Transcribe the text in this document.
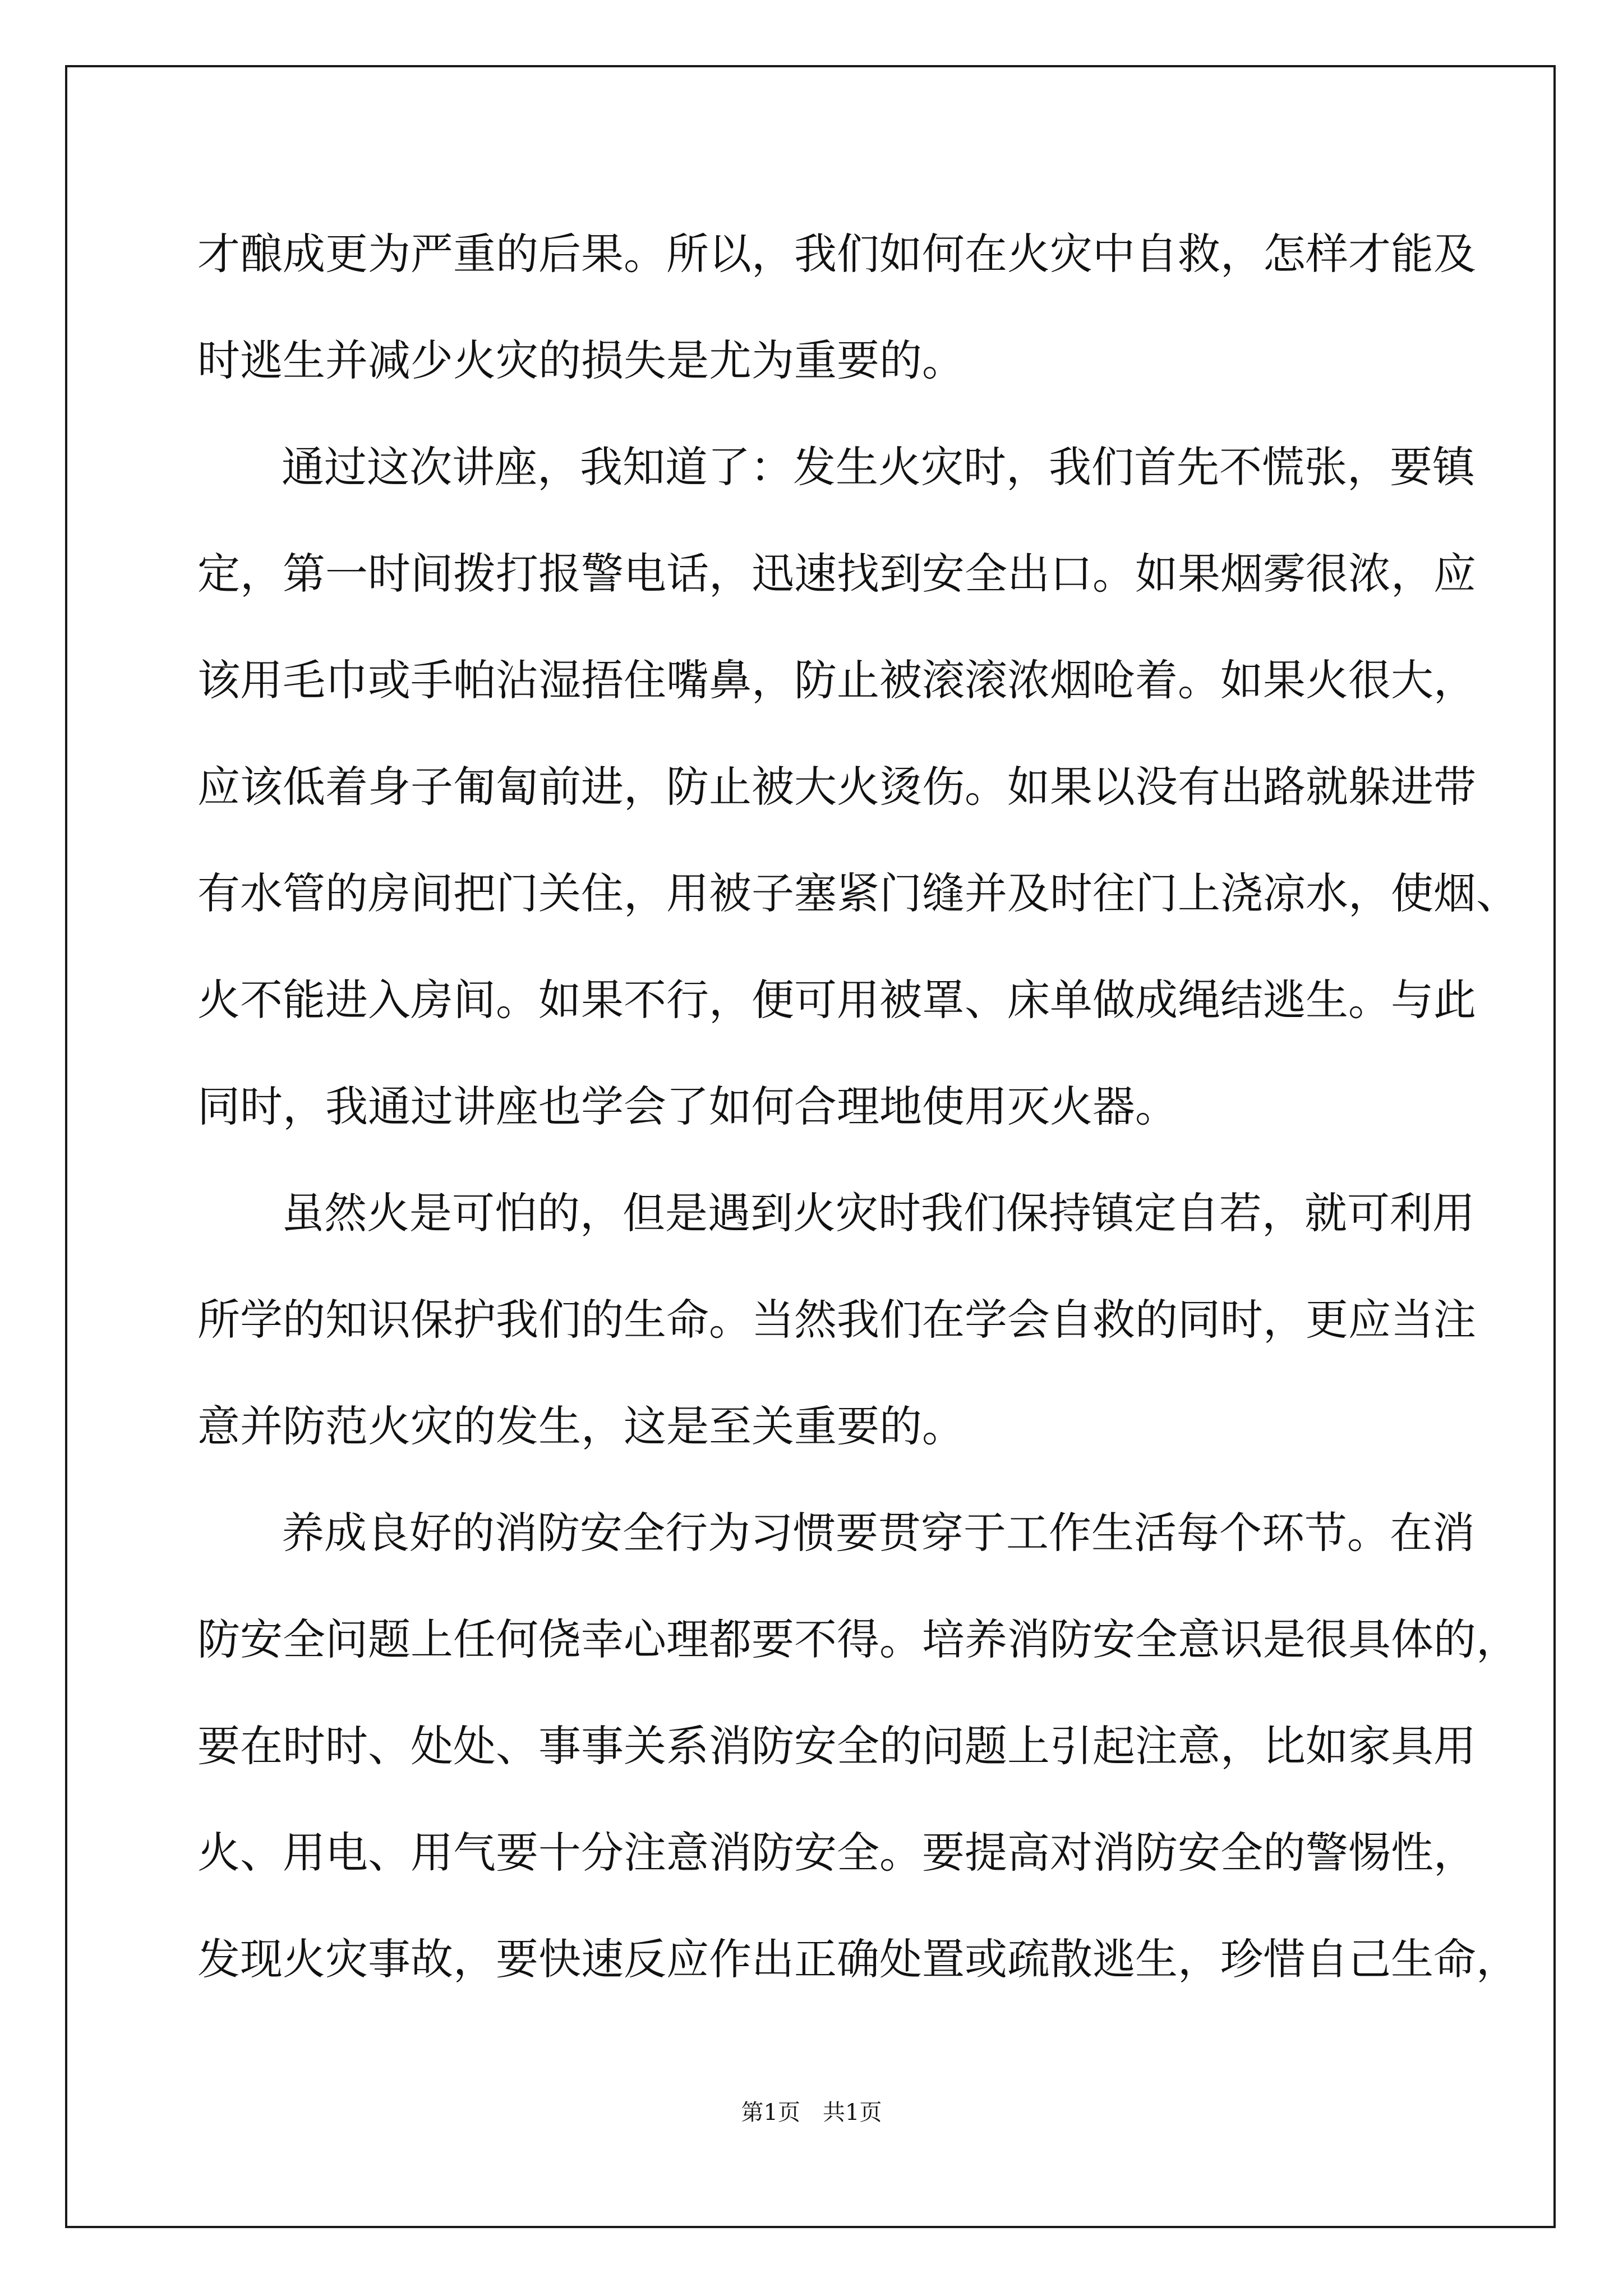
才酿成更为严重的后果。所以，我们如何在火灾中自救，怎样才能及
时逃生并减少火灾的损失是尤为重要的。
通过这次讲座，我知道了：发生火灾时，我们首先不慌张，要镇
定，第一时间拨打报警电话，迅速找到安全出口。如果烟雾很浓，应
该用毛巾或手帕沾湿捂住嘴鼻，防止被滚滚浓烟呛着。如果火很大，
应该低着身子匍匐前进，防止被大火烫伤。如果以没有出路就躲进带
有水管的房间把门关住，用被子塞紧门缝并及时往门上浇凉水，使烟、
火不能进入房间。如果不行，便可用被罩、床单做成绳结逃生。与此
同时，我通过讲座也学会了如何合理地使用灭火器。
虽然火是可怕的，但是遇到火灾时我们保持镇定自若，就可利用
所学的知识保护我们的生命。当然我们在学会自救的同时，更应当注
意并防范火灾的发生，这是至关重要的。
养成良好的消防安全行为习惯要贯穿于工作生活每个环节。在消
防安全问题上任何侥幸心理都要不得。培养消防安全意识是很具体的，
要在时时、处处、事事关系消防安全的问题上引起注意，比如家具用
火、用电、用气要十分注意消防安全。要提高对消防安全的警惕性，
发现火灾事故，要快速反应作出正确处置或疏散逃生，珍惜自己生命，
第1页　共1页
